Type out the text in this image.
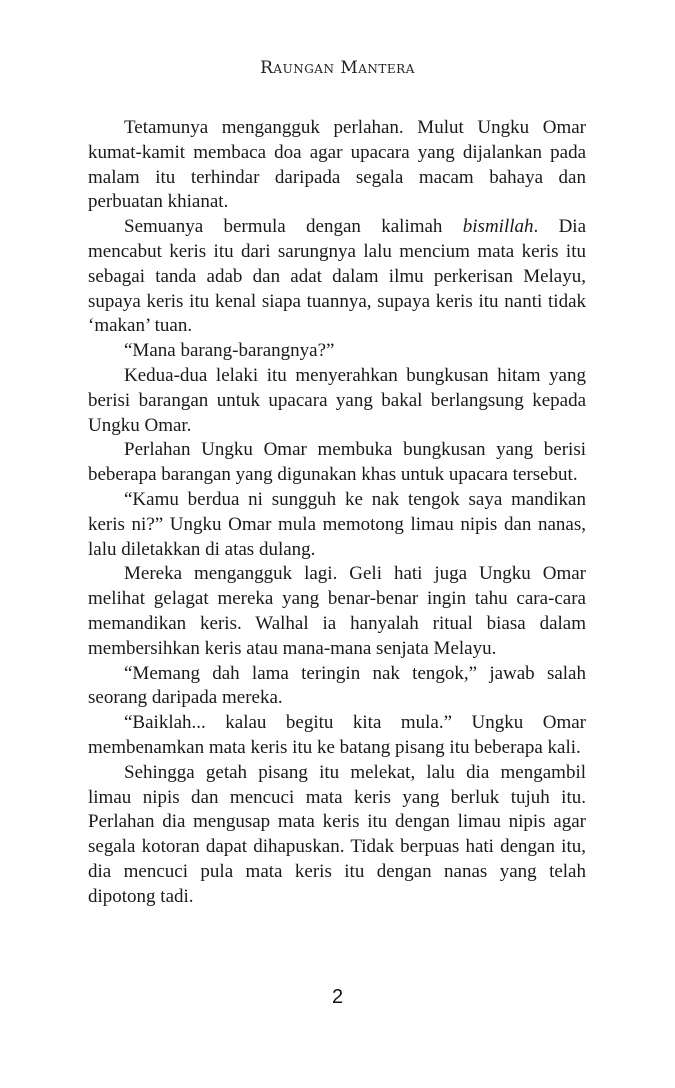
Raungan Mantera

Tetamunya mengangguk perlahan. Mulut Ungku Omar kumat-kamit membaca doa agar upacara yang dijalankan pada malam itu terhindar daripada segala macam bahaya dan perbuatan khianat.

Semuanya bermula dengan kalimah bismillah. Dia mencabut keris itu dari sarungnya lalu mencium mata keris itu sebagai tanda adab dan adat dalam ilmu perkerisan Melayu, supaya keris itu kenal siapa tuannya, supaya keris itu nanti tidak ‘makan’ tuan.

“Mana barang-barangnya?”

Kedua-dua lelaki itu menyerahkan bungkusan hitam yang berisi barangan untuk upacara yang bakal berlangsung kepada Ungku Omar.

Perlahan Ungku Omar membuka bungkusan yang berisi beberapa barangan yang digunakan khas untuk upacara tersebut.

“Kamu berdua ni sungguh ke nak tengok saya mandikan keris ni?” Ungku Omar mula memotong limau nipis dan nanas, lalu diletakkan di atas dulang.

Mereka mengangguk lagi. Geli hati juga Ungku Omar melihat gelagat mereka yang benar-benar ingin tahu cara-cara memandikan keris. Walhal ia hanyalah ritual biasa dalam membersihkan keris atau mana-mana senjata Melayu.

“Memang dah lama teringin nak tengok,” jawab salah seorang daripada mereka.

“Baiklah... kalau begitu kita mula.” Ungku Omar membenamkan mata keris itu ke batang pisang itu beberapa kali.

Sehingga getah pisang itu melekat, lalu dia mengambil limau nipis dan mencuci mata keris yang berluk tujuh itu. Perlahan dia mengusap mata keris itu dengan limau nipis agar segala kotoran dapat dihapuskan. Tidak berpuas hati dengan itu, dia mencuci pula mata keris itu dengan nanas yang telah dipotong tadi.

2
